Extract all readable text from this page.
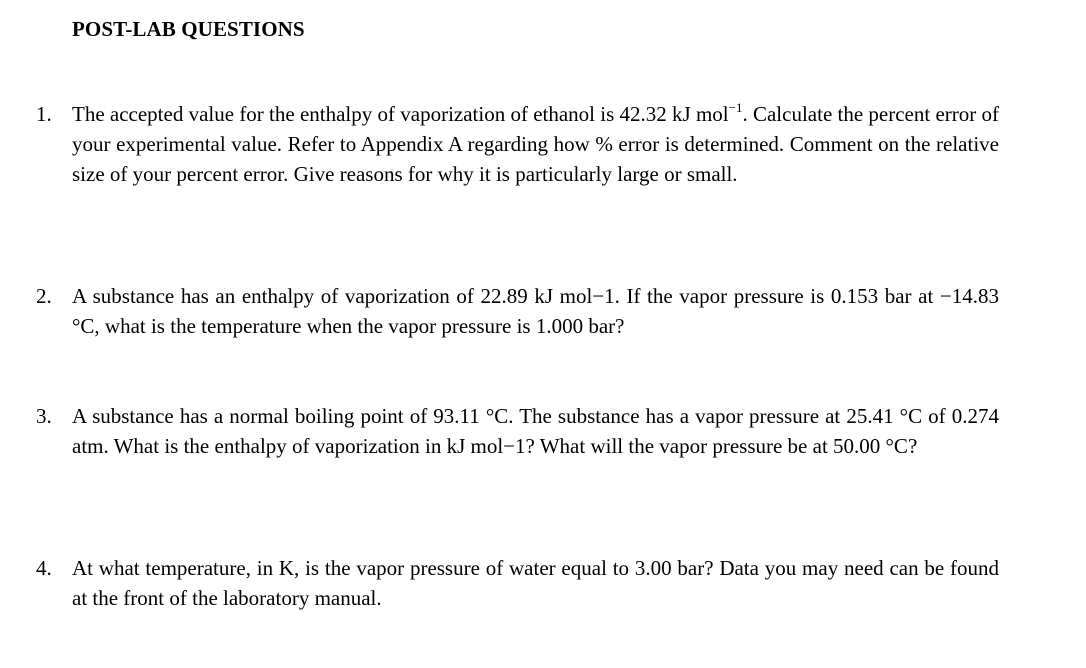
POST-LAB QUESTIONS
1. The accepted value for the enthalpy of vaporization of ethanol is 42.32 kJ mol$^{-1}$. Calculate the percent error of your experimental value. Refer to Appendix A regarding how % error is determined. Comment on the relative size of your percent error. Give reasons for why it is particularly large or small.
2. A substance has an enthalpy of vaporization of 22.89 kJ mol−1. If the vapor pressure is 0.153 bar at −14.83 °C, what is the temperature when the vapor pressure is 1.000 bar?
3. A substance has a normal boiling point of 93.11 °C. The substance has a vapor pressure at 25.41 °C of 0.274 atm. What is the enthalpy of vaporization in kJ mol−1? What will the vapor pressure be at 50.00 °C?
4. At what temperature, in K, is the vapor pressure of water equal to 3.00 bar? Data you may need can be found at the front of the laboratory manual.
